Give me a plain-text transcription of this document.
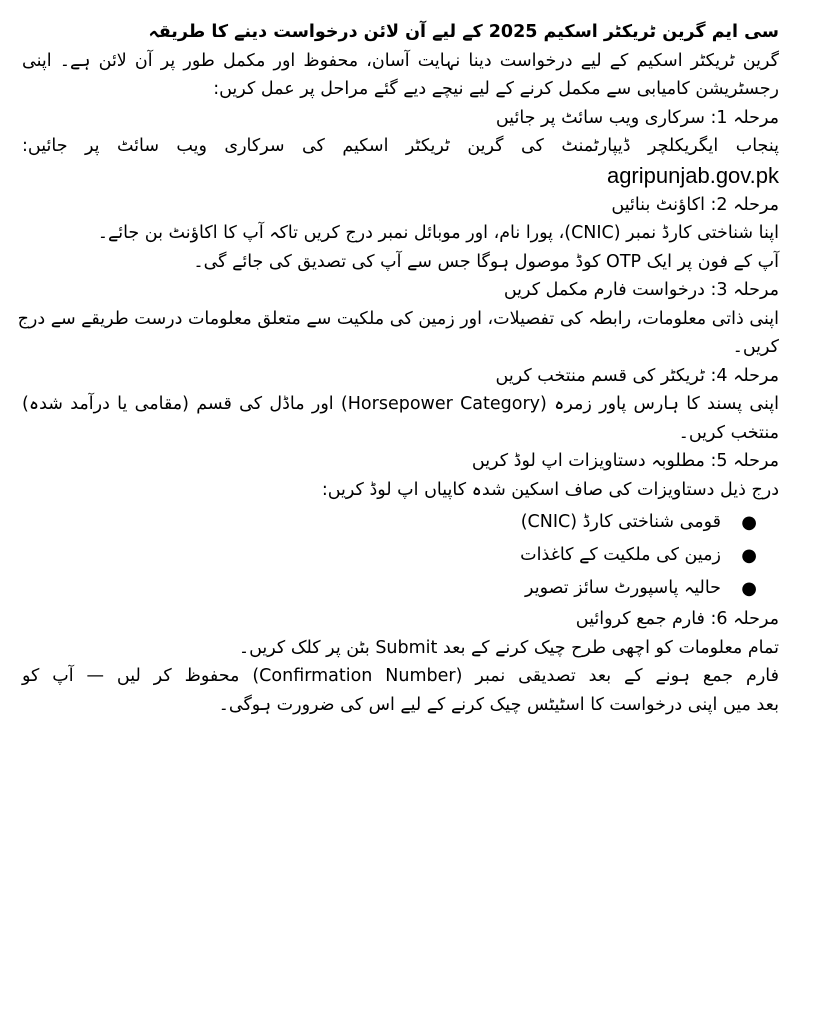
سی ایم گرین ٹریکٹر اسکیم 2025 کے لیے آن لائن درخواست دینے کا طریقہ

گرین ٹریکٹر اسکیم کے لیے درخواست دینا نہایت آسان، محفوظ اور مکمل طور پر آن لائن ہے۔ اپنی

رجسٹریشن کامیابی سے مکمل کرنے کے لیے نیچے دیے گئے مراحل پر عمل کریں:

مرحلہ 1: سرکاری ویب سائٹ پر جائیں

پنجاب ایگریکلچر ڈیپارٹمنٹ کی گرین ٹریکٹر اسکیم کی سرکاری ویب سائٹ پر جائیں:

agripunjab.gov.pk

مرحلہ 2: اکاؤنٹ بنائیں

اپنا شناختی کارڈ نمبر (CNIC)، پورا نام، اور موبائل نمبر درج کریں تاکہ آپ کا اکاؤنٹ بن جائے۔

آپ کے فون پر ایک OTP کوڈ موصول ہوگا جس سے آپ کی تصدیق کی جائے گی۔

مرحلہ 3: درخواست فارم مکمل کریں

اپنی ذاتی معلومات، رابطہ کی تفصیلات، اور زمین کی ملکیت سے متعلق معلومات درست طریقے سے درج

کریں۔

مرحلہ 4: ٹریکٹر کی قسم منتخب کریں

اپنی پسند کا ہارس پاور زمرہ (Horsepower Category) اور ماڈل کی قسم (مقامی یا درآمد شدہ)

منتخب کریں۔

مرحلہ 5: مطلوبہ دستاویزات اپ لوڈ کریں

درج ذیل دستاویزات کی صاف اسکین شدہ کاپیاں اپ لوڈ کریں:

●
قومی شناختی کارڈ (CNIC)
●
زمین کی ملکیت کے کاغذات
●
حالیہ پاسپورٹ سائز تصویر

مرحلہ 6: فارم جمع کروائیں

تمام معلومات کو اچھی طرح چیک کرنے کے بعد Submit بٹن پر کلک کریں۔

فارم جمع ہونے کے بعد تصدیقی نمبر (Confirmation Number) محفوظ کر لیں — آپ کو

بعد میں اپنی درخواست کا اسٹیٹس چیک کرنے کے لیے اس کی ضرورت ہوگی۔
